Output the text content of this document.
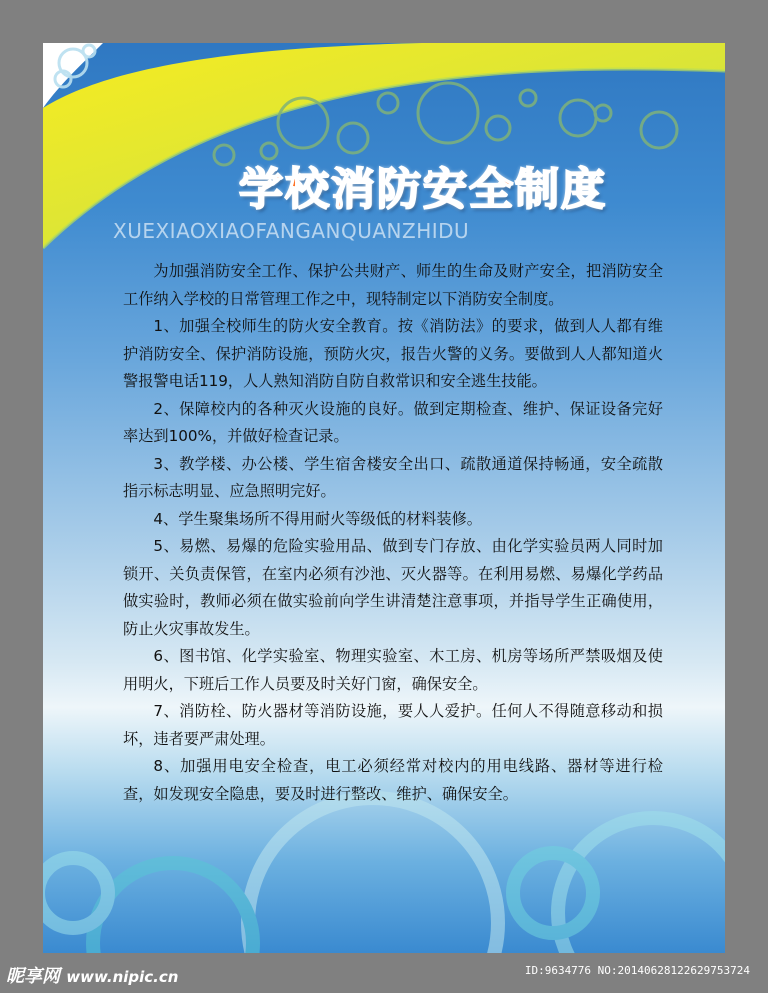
学校消防安全制度

XUEXIAOXIAOFANGANQUANZHIDU

为加强消防安全工作、保护公共财产、师生的生命及财产安全，把消防安全工作纳入学校的日常管理工作之中，现特制定以下消防安全制度。

1、加强全校师生的防火安全教育。按《消防法》的要求，做到人人都有维护消防安全、保护消防设施，预防火灾，报告火警的义务。要做到人人都知道火警报警电话119，人人熟知消防自防自救常识和安全逃生技能。

2、保障校内的各种灭火设施的良好。做到定期检查、维护、保证设备完好率达到100%，并做好检查记录。

3、教学楼、办公楼、学生宿舍楼安全出口、疏散通道保持畅通，安全疏散指示标志明显、应急照明完好。

4、学生聚集场所不得用耐火等级低的材料装修。

5、易燃、易爆的危险实验用品、做到专门存放、由化学实验员两人同时加锁开、关负责保管，在室内必须有沙池、灭火器等。在利用易燃、易爆化学药品做实验时，教师必须在做实验前向学生讲清楚注意事项，并指导学生正确使用，防止火灾事故发生。

6、图书馆、化学实验室、物理实验室、木工房、机房等场所严禁吸烟及使用明火，下班后工作人员要及时关好门窗，确保安全。

7、消防栓、防火器材等消防设施，要人人爱护。任何人不得随意移动和损坏，违者要严肃处理。

8、加强用电安全检查，电工必须经常对校内的用电线路、器材等进行检查，如发现安全隐患，要及时进行整改、维护、确保安全。

昵享网 www.nipic.cn	ID:9634776 NO:20140628122629753724
